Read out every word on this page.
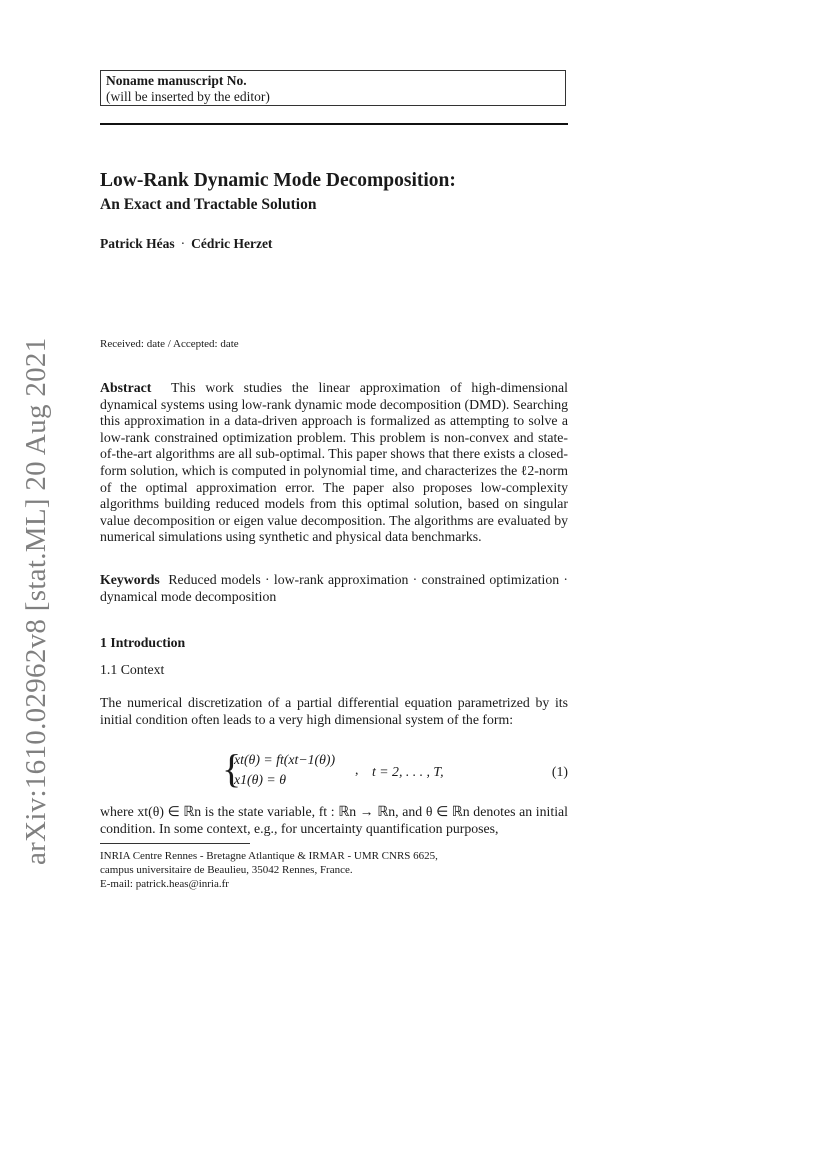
Noname manuscript No.
(will be inserted by the editor)
Low-Rank Dynamic Mode Decomposition:
An Exact and Tractable Solution
Patrick Héas · Cédric Herzet
Received: date / Accepted: date
Abstract This work studies the linear approximation of high-dimensional dynamical systems using low-rank dynamic mode decomposition (DMD). Searching this approximation in a data-driven approach is formalized as attempting to solve a low-rank constrained optimization problem. This problem is non-convex and state-of-the-art algorithms are all sub-optimal. This paper shows that there exists a closed-form solution, which is computed in polynomial time, and characterizes the ℓ2-norm of the optimal approximation error. The paper also proposes low-complexity algorithms building reduced models from this optimal solution, based on singular value decomposition or eigen value decomposition. The algorithms are evaluated by numerical simulations using synthetic and physical data benchmarks.
Keywords Reduced models · low-rank approximation · constrained optimization · dynamical mode decomposition
1 Introduction
1.1 Context
The numerical discretization of a partial differential equation parametrized by its initial condition often leads to a very high dimensional system of the form:
{
xt(θ) = ft(xt−1(θ))
x1(θ) = θ
, t = 2, . . . , T,	(1)
where xt(θ) ∈ ℝn is the state variable, ft : ℝn → ℝn, and θ ∈ ℝn denotes an initial condition. In some context, e.g., for uncertainty quantification purposes,
INRIA Centre Rennes - Bretagne Atlantique & IRMAR - UMR CNRS 6625,
campus universitaire de Beaulieu, 35042 Rennes, France.
E-mail: patrick.heas@inria.fr
arXiv:1610.02962v8 [stat.ML] 20 Aug 2021
